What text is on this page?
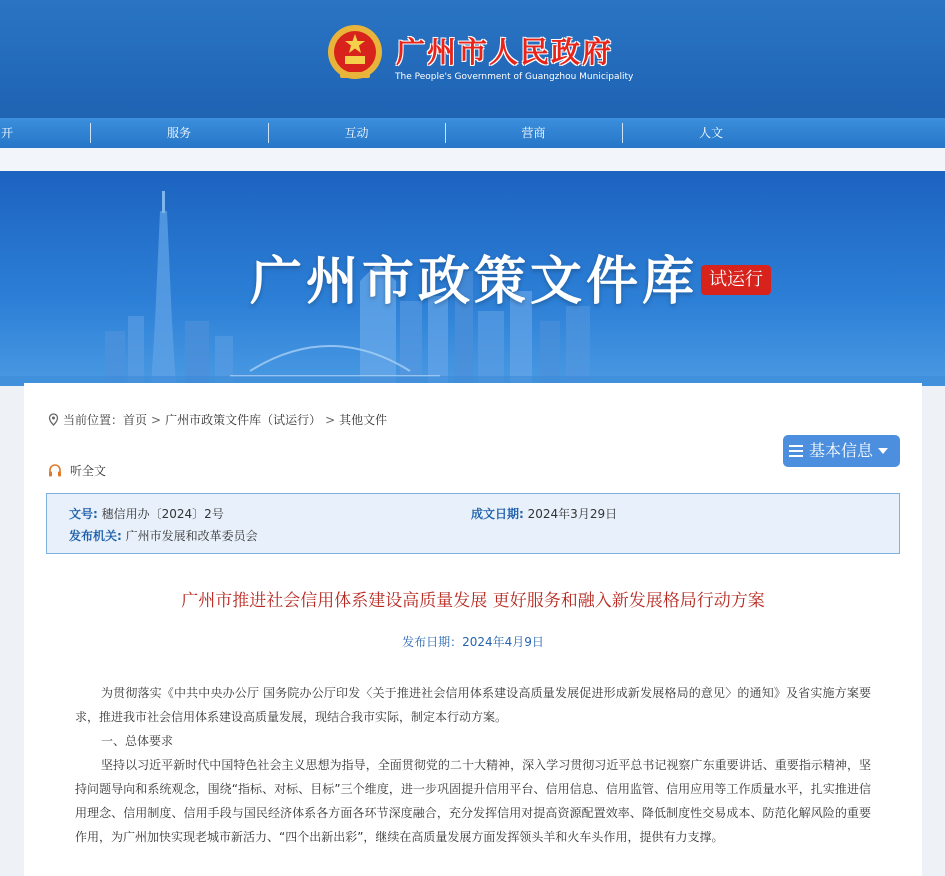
广州市人民政府
The People's Government of Guangzhou Municipality
开	服务	互动	营商	人文
广州市政策文件库 试运行
当前位置：首页 > 广州市政策文件库（试运行） > 其他文件
听全文
基本信息
文号: 穗信用办〔2024〕2号	成文日期: 2024年3月29日
发布机关: 广州市发展和改革委员会
广州市推进社会信用体系建设高质量发展 更好服务和融入新发展格局行动方案
发布日期：2024年4月9日

为贯彻落实《中共中央办公厅 国务院办公厅印发〈关于推进社会信用体系建设高质量发展促进形成新发展格局的意见〉的通知》及省实施方案要求，推进我市社会信用体系建设高质量发展，现结合我市实际，制定本行动方案。

一、总体要求

坚持以习近平新时代中国特色社会主义思想为指导，全面贯彻党的二十大精神，深入学习贯彻习近平总书记视察广东重要讲话、重要指示精神，坚持问题导向和系统观念，围绕“指标、对标、目标”三个维度，进一步巩固提升信用平台、信用信息、信用监管、信用应用等工作质量水平，扎实推进信用理念、信用制度、信用手段与国民经济体系各方面各环节深度融合，充分发挥信用对提高资源配置效率、降低制度性交易成本、防范化解风险的重要作用，为广州加快实现老城市新活力、“四个出新出彩”，继续在高质量发展方面发挥领头羊和火车头作用，提供有力支撑。
